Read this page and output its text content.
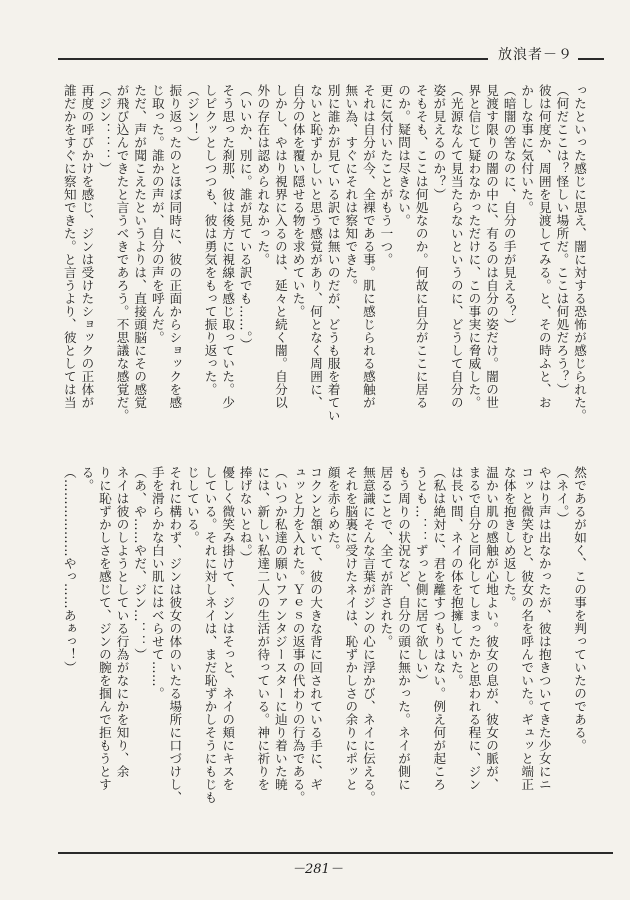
放浪者－９
ったといった感じに思え、闇に対する恐怖が感じられた。
（何だここは？怪しい場所だ。ここは何処だろう？）
彼は何度か、周囲を見渡してみる。と、その時ふと、お
かしな事に気付いた。
（暗闇の筈なのに、自分の手が見える？）
見渡す限りの闇の中に、有るのは自分の姿だけ。闇の世
界と信じて疑わなかっただけに、この事実に脅威した。
（光源なんて見当たらないというのに、どうして自分の
姿が見えるのか？）
そもそも、ここは何処なのか。何故に自分がここに居る
のか。疑問は尽きない。
更に気付いたことがもう一つ。
それは自分が今、全裸である事。肌に感じられる感触が
無い為、すぐにそれは察知できた。
別に誰かが見ている訳では無いのだが、どうも服を着てい
ないと恥ずかしいと思う感覚があり、何となく周囲に、
自分の体を覆い隠せる物を求めていた。
しかし、やはり視界に入るのは、延々と続く闇。自分以
外の存在は認められなかった。
（いいか、別に。誰が見ている訳でも……。）
そう思った刹那、彼は後方に視線を感じ取っていた。少
しピクッとしつつも、彼は勇気をもって振り返った。
（ジン！）
振り返ったのとほぼ同時に、彼の正面からショックを感
じ取った。誰かの声が、自分の声を呼んだ。
ただ、声が聞こえたというよりは、直接頭脳にその感覚
が飛び込んできたと言うべきであろう。不思議な感覚だ。
（ジン：：：）
再度の呼びかけを感じ、ジンは受けたショックの正体が
誰だかをすぐに察知できた。と言うより、彼としては当
然であるが如く、この事を判っていたのである。
（ネイ。）
やはり声は出なかったが、彼は抱きついてきた少女にニ
コッと微笑むと、彼女の名を呼んでいた。ギュッと端正
な体を抱きしめ返した。
温かい肌の感触が心地よい。彼女の息が、彼女の脈が、
まるで自分と同化してしまったかと思われる程に、ジン
は長い間、ネイの体を抱擁していた。
（私は絶対に、君を離すつもりはない。例え何が起ころ
うとも…：：ずっと側に居て欲しい）
もう周りの状況など、自分の頭に無かった。ネイが側に
居ることで、全てが許された。
無意識にそんな言葉がジンの心に浮かび、ネイに伝える。
それを脳裏に受けたネイは、恥ずかしさの余りにポッと
顔を赤らめた。
コクンと頷いて、彼の大きな背に回されている手に、ギ
ュッと力を入れた。Ｙｅｓの返事の代わりの行為である。
（いつか私達の願いファンタジースターに辿り着いた暁
には、新しい私達二人の生活が待っている。神に祈りを
捧げないとね。）
優しく微笑み掛けて、ジンはそっと、ネイの頬にキスを
している。それに対しネイは、まだ恥ずかしそうにもじも
じしている。
それに構わず、ジンは彼女の体のいたる場所に口づけし、
手を滑らかな白い肌にはべらせて……。
（あ、や……やだ、ジン…：：）
ネイは彼のしようとしている行為がなにかを知り、余
りに恥ずかしさを感じて、ジンの腕を掴んで拒もうとす
る。
（………………やっ……あぁっ！）
－281－
